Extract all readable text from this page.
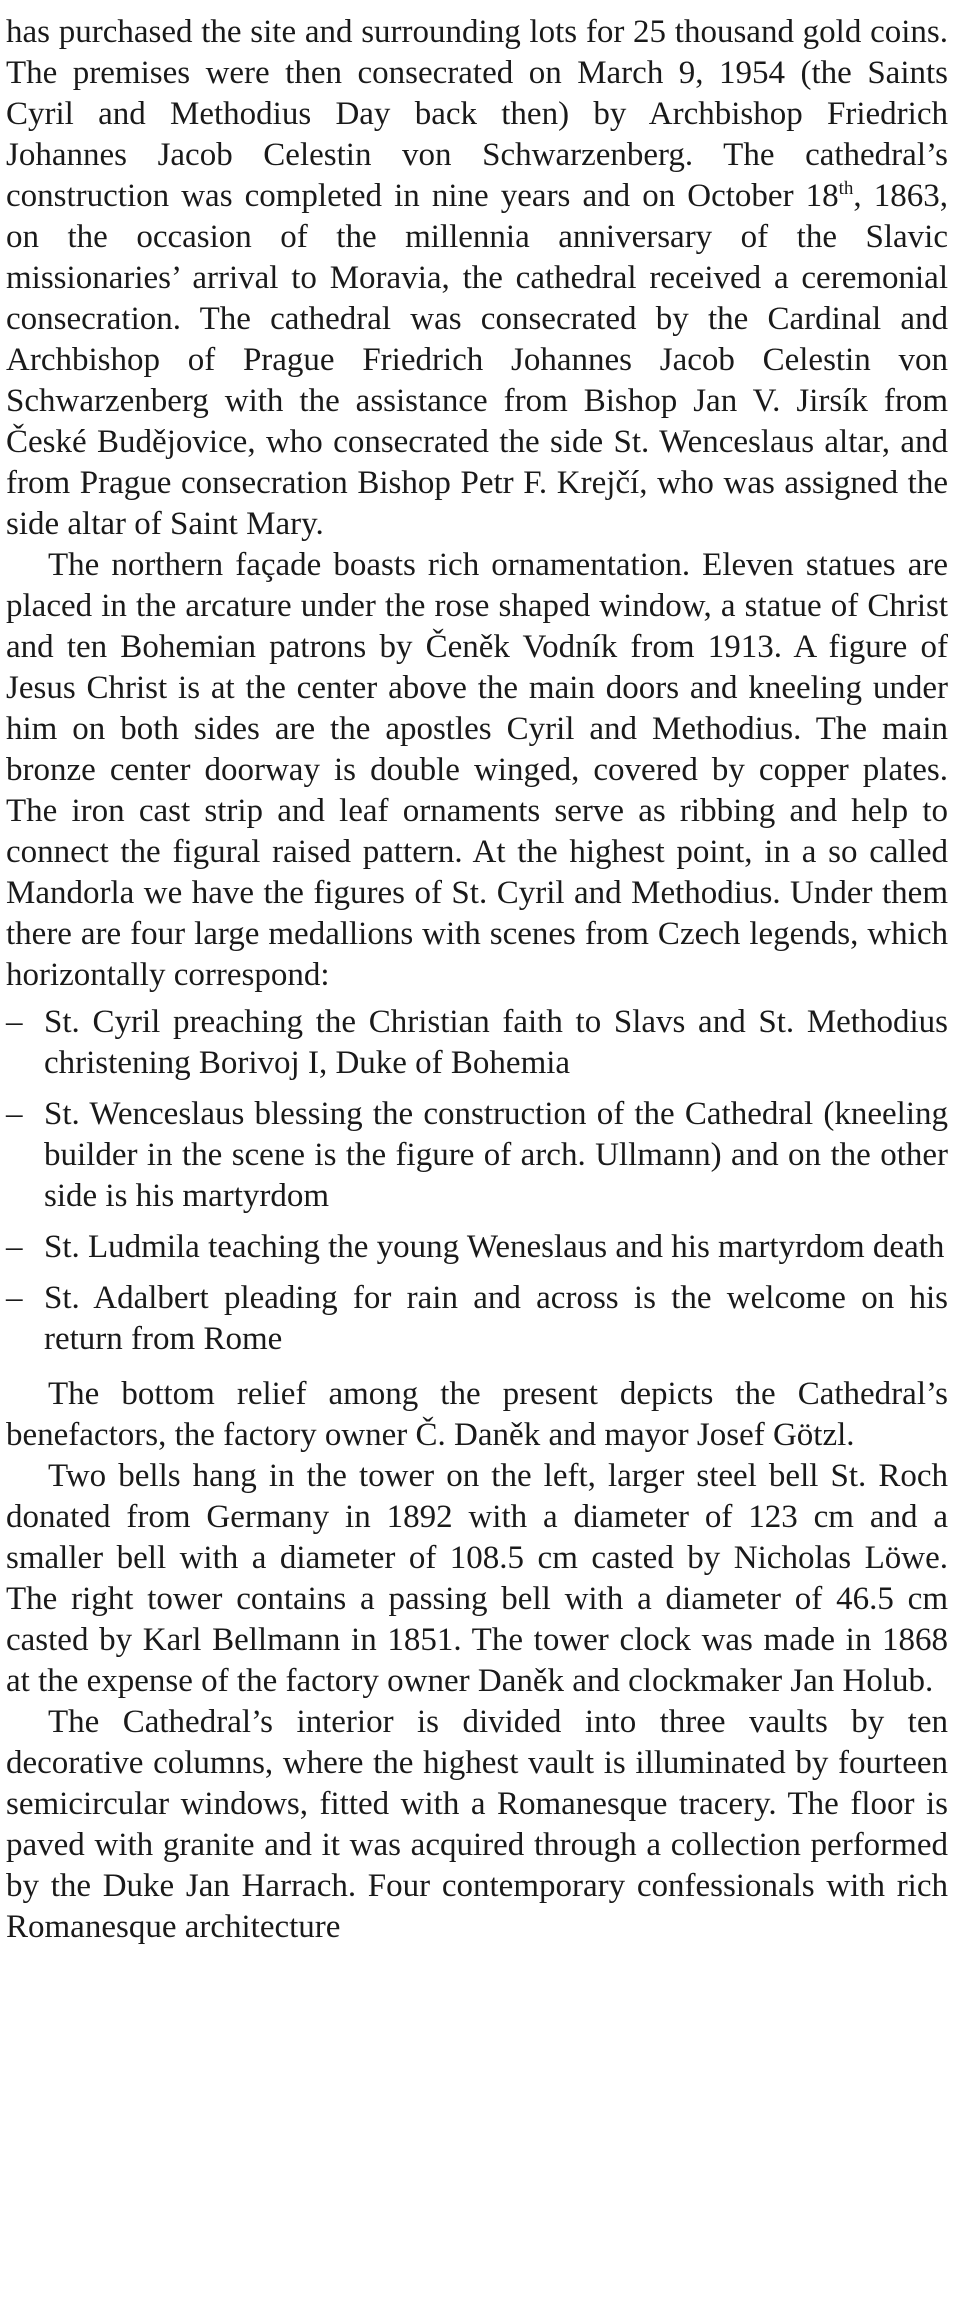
has purchased the site and surrounding lots for 25 thousand gold coins. The premises were then consecrated on March 9, 1954 (the Saints Cyril and Methodius Day back then) by Archbishop Friedrich Johannes Jacob Celestin von Schwarzenberg. The cathedral’s construction was completed in nine years and on October 18th, 1863, on the occasion of the millennia anniversary of the Slavic missionaries’ arrival to Moravia, the cathedral received a ceremonial consecration. The cathedral was consecrated by the Cardinal and Archbishop of Prague Friedrich Johannes Jacob Celestin von Schwarzenberg with the assistance from Bishop Jan V. Jirsík from České Budějovice, who consecrated the side St. Wenceslaus altar, and from Prague consecration Bishop Petr F. Krejčí, who was assigned the side altar of Saint Mary.

The northern façade boasts rich ornamentation. Eleven statues are placed in the arcature under the rose shaped window, a statue of Christ and ten Bohemian patrons by Čeněk Vodník from 1913. A figure of Jesus Christ is at the center above the main doors and kneeling under him on both sides are the apostles Cyril and Methodius. The main bronze center doorway is double winged, covered by copper plates. The iron cast strip and leaf ornaments serve as ribbing and help to connect the figural raised pattern. At the highest point, in a so called Mandorla we have the figures of St. Cyril and Methodius. Under them there are four large medallions with scenes from Czech legends, which horizontally correspond:

– St. Cyril preaching the Christian faith to Slavs and St. Methodius christening Borivoj I, Duke of Bohemia
– St. Wenceslaus blessing the construction of the Cathedral (kneeling builder in the scene is the figure of arch. Ullmann) and on the other side is his martyrdom
– St. Ludmila teaching the young Weneslaus and his martyrdom death
– St. Adalbert pleading for rain and across is the welcome on his return from Rome

The bottom relief among the present depicts the Cathedral’s benefactors, the factory owner Č. Daněk and mayor Josef Götzl.

Two bells hang in the tower on the left, larger steel bell St. Roch donated from Germany in 1892 with a diameter of 123 cm and a smaller bell with a diameter of 108.5 cm casted by Nicholas Löwe. The right tower contains a passing bell with a diameter of 46.5 cm casted by Karl Bellmann in 1851. The tower clock was made in 1868 at the expense of the factory owner Daněk and clockmaker Jan Holub.

The Cathedral’s interior is divided into three vaults by ten decorative columns, where the highest vault is illuminated by fourteen semicircular windows, fitted with a Romanesque tracery. The floor is paved with granite and it was acquired through a collection performed by the Duke Jan Harrach. Four contemporary confessionals with rich Romanesque architecture
